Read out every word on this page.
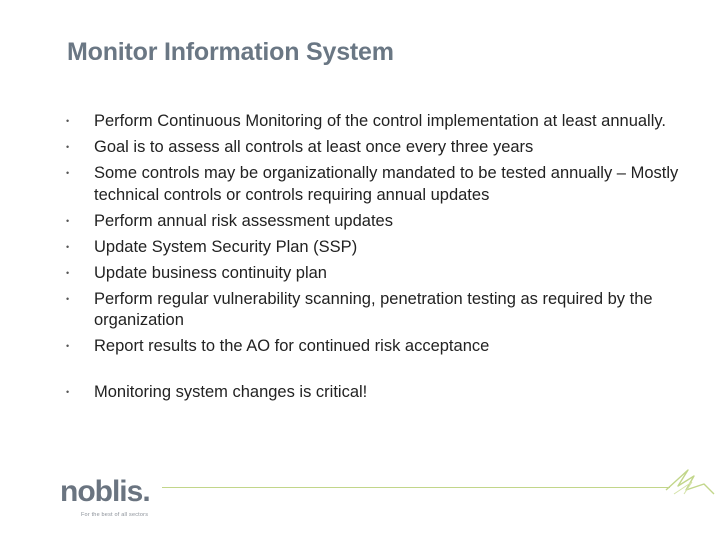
Monitor Information System
• Perform Continuous Monitoring of the control implementation at least annually.
• Goal is to assess all controls at least once every three years
• Some controls may be organizationally mandated to be tested annually – Mostly technical controls or controls requiring annual updates
• Perform annual risk assessment updates
• Update System Security Plan (SSP)
• Update business continuity plan
• Perform regular vulnerability scanning, penetration testing as required by the organization
• Report results to the AO for continued risk acceptance
• Monitoring system changes is critical!
noblis.
For the best of all sectors
